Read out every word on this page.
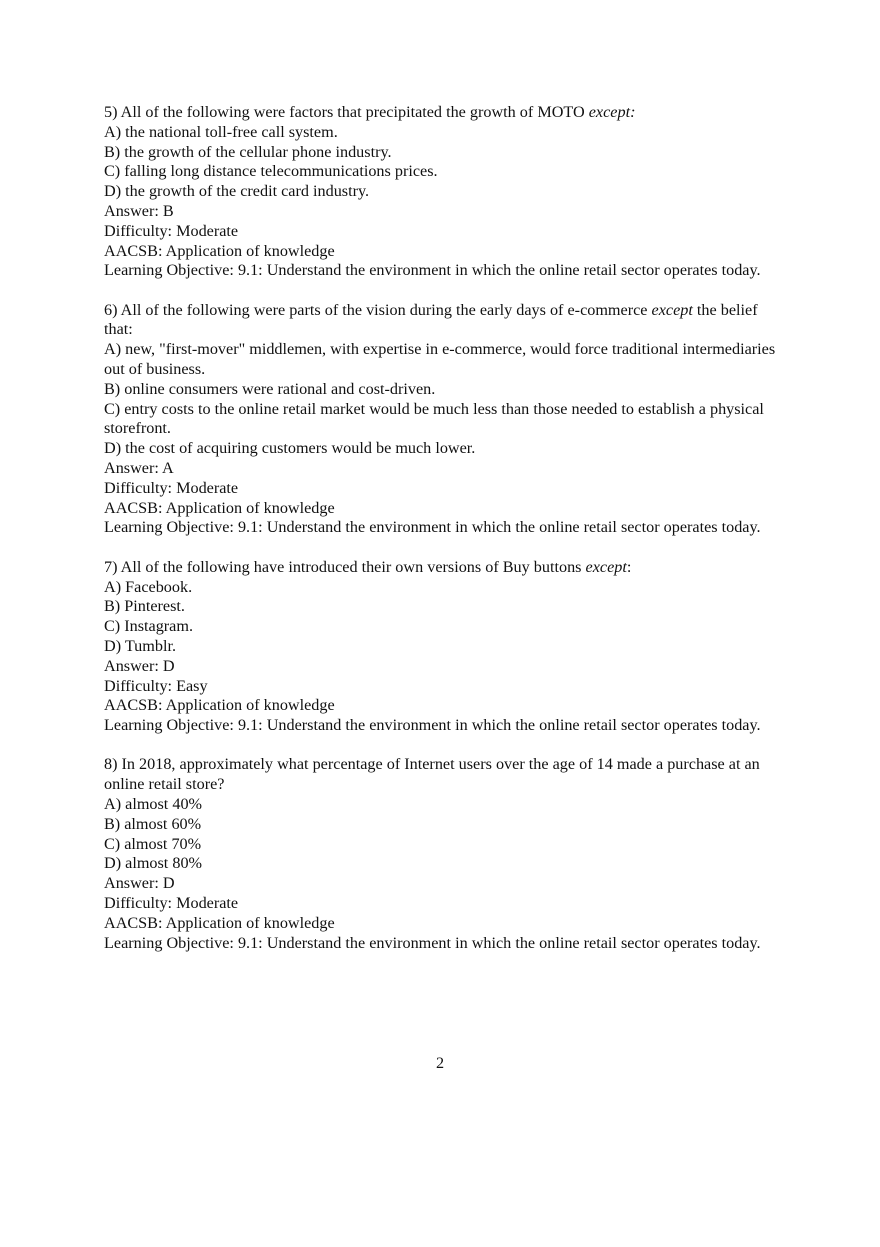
5) All of the following were factors that precipitated the growth of MOTO except:
A) the national toll-free call system.
B) the growth of the cellular phone industry.
C) falling long distance telecommunications prices.
D) the growth of the credit card industry.
Answer: B
Difficulty: Moderate
AACSB: Application of knowledge
Learning Objective: 9.1: Understand the environment in which the online retail sector operates today.
6) All of the following were parts of the vision during the early days of e-commerce except the belief that:
A) new, "first-mover" middlemen, with expertise in e-commerce, would force traditional intermediaries out of business.
B) online consumers were rational and cost-driven.
C) entry costs to the online retail market would be much less than those needed to establish a physical storefront.
D) the cost of acquiring customers would be much lower.
Answer: A
Difficulty: Moderate
AACSB: Application of knowledge
Learning Objective: 9.1: Understand the environment in which the online retail sector operates today.
7) All of the following have introduced their own versions of Buy buttons except:
A) Facebook.
B) Pinterest.
C) Instagram.
D) Tumblr.
Answer: D
Difficulty: Easy
AACSB: Application of knowledge
Learning Objective: 9.1: Understand the environment in which the online retail sector operates today.
8) In 2018, approximately what percentage of Internet users over the age of 14 made a purchase at an online retail store?
A) almost 40%
B) almost 60%
C) almost 70%
D) almost 80%
Answer: D
Difficulty: Moderate
AACSB: Application of knowledge
Learning Objective: 9.1: Understand the environment in which the online retail sector operates today.
2
